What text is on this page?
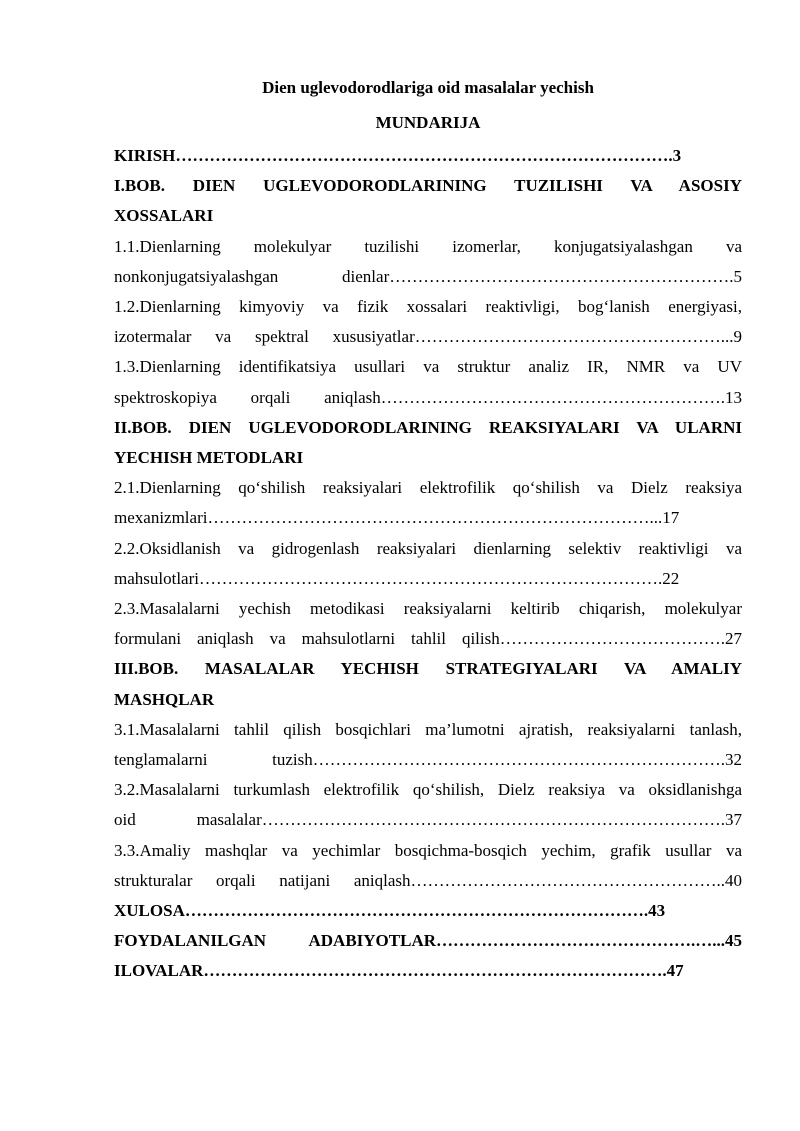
Dien uglevodorodlariga oid masalalar yechish
MUNDARIJA
KIRISH…………………………………………………………………………….3
I.BOB. DIEN UGLEVODORODLARINING TUZILISHI VA ASOSIY
XOSSALARI
1.1.Dienlarning molekulyar tuzilishi izomerlar, konjugatsiyalashgan va
nonkonjugatsiyalashgan dienlar…………………………………………………….5
1.2.Dienlarning kimyoviy va fizik xossalari reaktivligi, bog‘lanish energiyasi,
izotermalar va spektral xususiyatlar………………………………………………...9
1.3.Dienlarning identifikatsiya usullari va struktur analiz IR, NMR va UV
spektroskopiya orqali aniqlash…………………………………………………….13
II.BOB. DIEN UGLEVODORODLARINING REAKSIYALARI VA ULARNI
YECHISH METODLARI
2.1.Dienlarning qo‘shilish reaksiyalari elektrofilik qo‘shilish va Dielz reaksiya
mexanizmlari……………………………………………………………………...17
2.2.Oksidlanish va gidrogenlash reaksiyalari dienlarning selektiv reaktivligi va
mahsulotlari……………………………………………………………………….22
2.3.Masalalarni yechish metodikasi reaksiyalarni keltirib chiqarish, molekulyar
formulani aniqlash va mahsulotlarni tahlil qilish………………………………….27
III.BOB. MASALALAR YECHISH STRATEGIYALARI VA AMALIY
MASHQLAR
3.1.Masalalarni tahlil qilish bosqichlari ma’lumotni ajratish, reaksiyalarni tanlash,
tenglamalarni tuzish……………………………………………………………….32
3.2.Masalalarni turkumlash elektrofilik qo‘shilish, Dielz reaksiya va oksidlanishga
oid masalalar……………………………………………………………………….37
3.3.Amaliy mashqlar va yechimlar bosqichma-bosqich yechim, grafik usullar va
strukturalar orqali natijani aniqlash………………………………………………..40
XULOSA……………………………………………………………………….43
FOYDALANILGAN ADABIYOTLAR……………………………………….…...45
ILOVALAR……………………………………………………………………….47
